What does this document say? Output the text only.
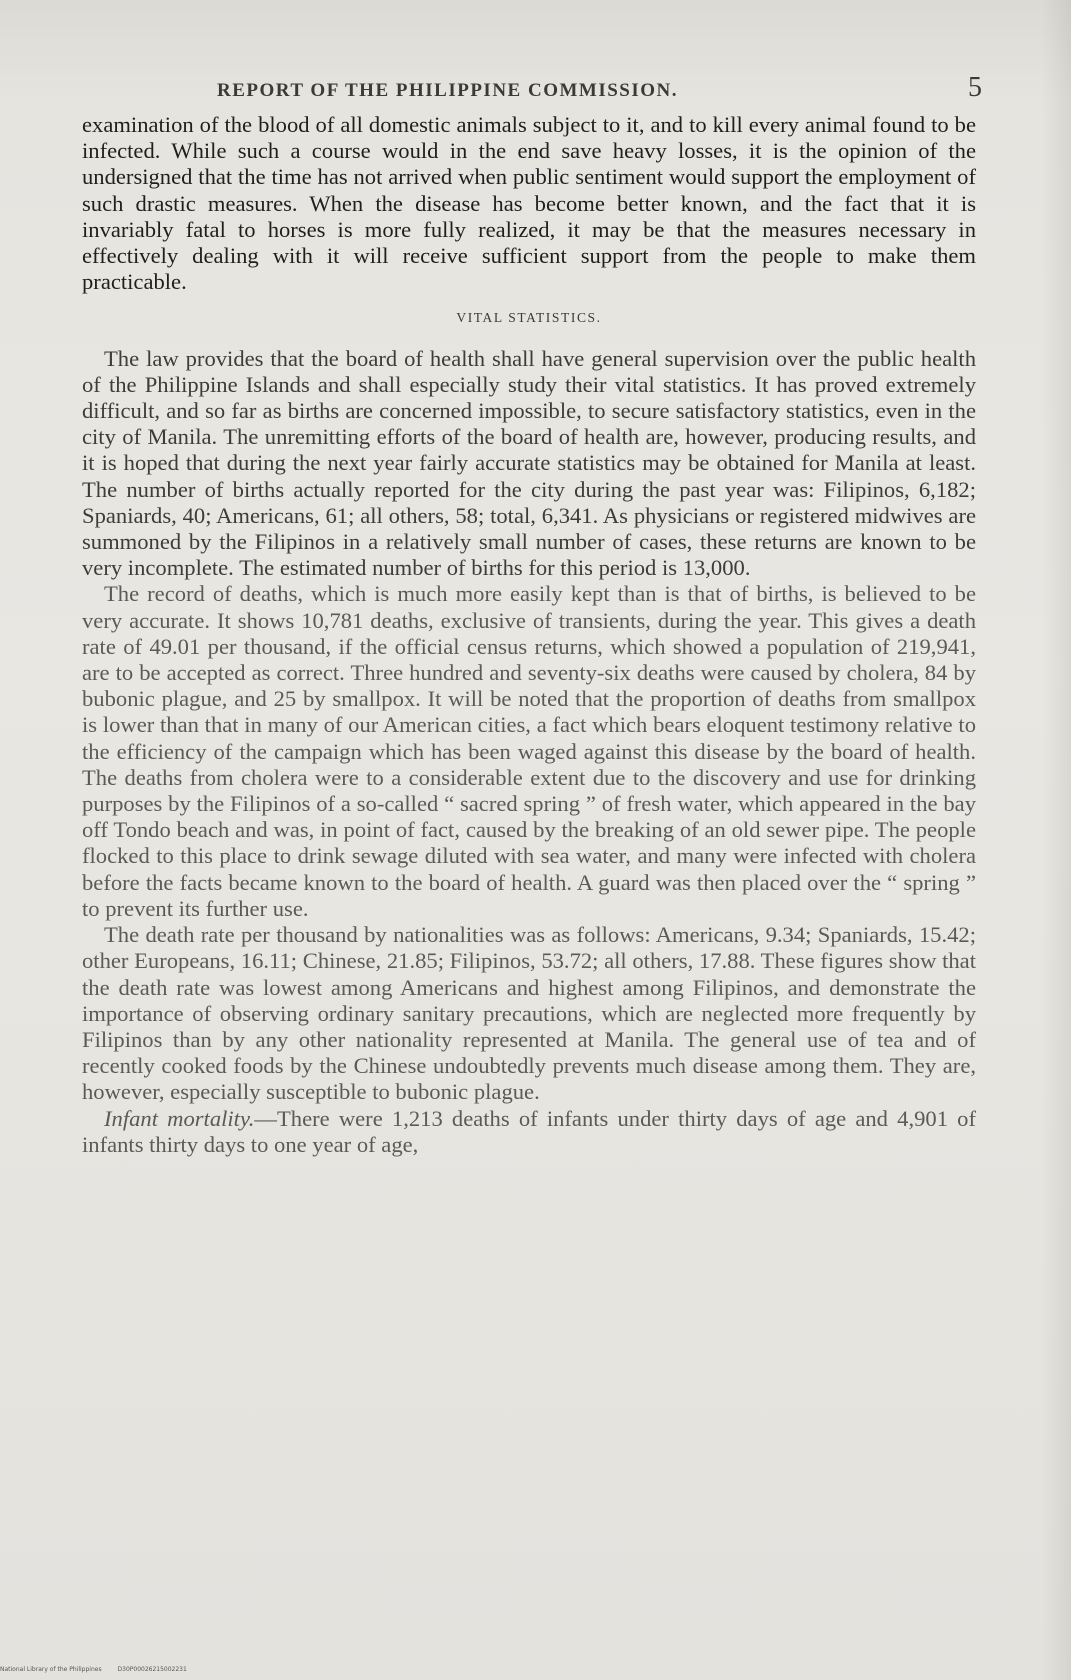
REPORT OF THE PHILIPPINE COMMISSION.	5

examination of the blood of all domestic animals subject to it, and to kill every animal found to be infected. While such a course would in the end save heavy losses, it is the opinion of the undersigned that the time has not arrived when public sentiment would support the employment of such drastic measures. When the disease has become better known, and the fact that it is invariably fatal to horses is more fully realized, it may be that the measures necessary in effectively dealing with it will receive sufficient support from the people to make them practicable.

VITAL STATISTICS.

The law provides that the board of health shall have general supervision over the public health of the Philippine Islands and shall especially study their vital statistics. It has proved extremely difficult, and so far as births are concerned impossible, to secure satisfactory statistics, even in the city of Manila. The unremitting efforts of the board of health are, however, producing results, and it is hoped that during the next year fairly accurate statistics may be obtained for Manila at least. The number of births actually reported for the city during the past year was: Filipinos, 6,182; Spaniards, 40; Americans, 61; all others, 58; total, 6,341. As physicians or registered midwives are summoned by the Filipinos in a relatively small number of cases, these returns are known to be very incomplete. The estimated number of births for this period is 13,000.

The record of deaths, which is much more easily kept than is that of births, is believed to be very accurate. It shows 10,781 deaths, exclusive of transients, during the year. This gives a death rate of 49.01 per thousand, if the official census returns, which showed a population of 219,941, are to be accepted as correct. Three hundred and seventy-six deaths were caused by cholera, 84 by bubonic plague, and 25 by smallpox. It will be noted that the proportion of deaths from smallpox is lower than that in many of our American cities, a fact which bears eloquent testimony relative to the efficiency of the campaign which has been waged against this disease by the board of health. The deaths from cholera were to a considerable extent due to the discovery and use for drinking purposes by the Filipinos of a so-called “ sacred spring ” of fresh water, which appeared in the bay off Tondo beach and was, in point of fact, caused by the breaking of an old sewer pipe. The people flocked to this place to drink sewage diluted with sea water, and many were infected with cholera before the facts became known to the board of health. A guard was then placed over the “ spring ” to prevent its further use.

The death rate per thousand by nationalities was as follows: Americans, 9.34; Spaniards, 15.42; other Europeans, 16.11; Chinese, 21.85; Filipinos, 53.72; all others, 17.88. These figures show that the death rate was lowest among Americans and highest among Filipinos, and demonstrate the importance of observing ordinary sanitary precautions, which are neglected more frequently by Filipinos than by any other nationality represented at Manila. The general use of tea and of recently cooked foods by the Chinese undoubtedly prevents much disease among them. They are, however, especially susceptible to bubonic plague.

Infant mortality.—There were 1,213 deaths of infants under thirty days of age and 4,901 of infants thirty days to one year of age,

National Library of the Philippines	D30P00026215002231
